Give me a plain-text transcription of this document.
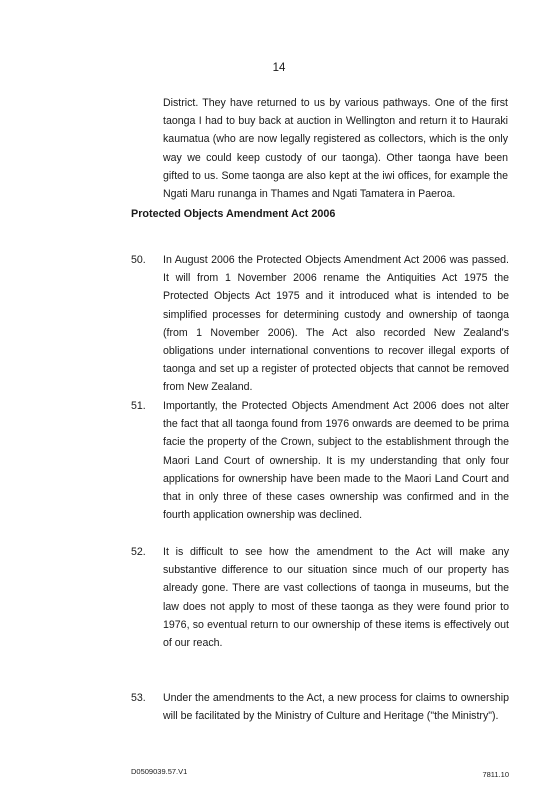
14

District. They have returned to us by various pathways. One of the first taonga I had to buy back at auction in Wellington and return it to Hauraki kaumatua (who are now legally registered as collectors, which is the only way we could keep custody of our taonga). Other taonga have been gifted to us. Some taonga are also kept at the iwi offices, for example the Ngati Maru runanga in Thames and Ngati Tamatera in Paeroa.

Protected Objects Amendment Act 2006
50. In August 2006 the Protected Objects Amendment Act 2006 was passed. It will from 1 November 2006 rename the Antiquities Act 1975 the Protected Objects Act 1975 and it introduced what is intended to be simplified processes for determining custody and ownership of taonga (from 1 November 2006). The Act also recorded New Zealand's obligations under international conventions to recover illegal exports of taonga and set up a register of protected objects that cannot be removed from New Zealand.

51. Importantly, the Protected Objects Amendment Act 2006 does not alter the fact that all taonga found from 1976 onwards are deemed to be prima facie the property of the Crown, subject to the establishment through the Maori Land Court of ownership. It is my understanding that only four applications for ownership have been made to the Maori Land Court and that in only three of these cases ownership was confirmed and in the fourth application ownership was declined.

52. It is difficult to see how the amendment to the Act will make any substantive difference to our situation since much of our property has already gone. There are vast collections of taonga in museums, but the law does not apply to most of these taonga as they were found prior to 1976, so eventual return to our ownership of these items is effectively out of our reach.

53. Under the amendments to the Act, a new process for claims to ownership will be facilitated by the Ministry of Culture and Heritage ("the Ministry").

D0509039.57.V1	7811.10
